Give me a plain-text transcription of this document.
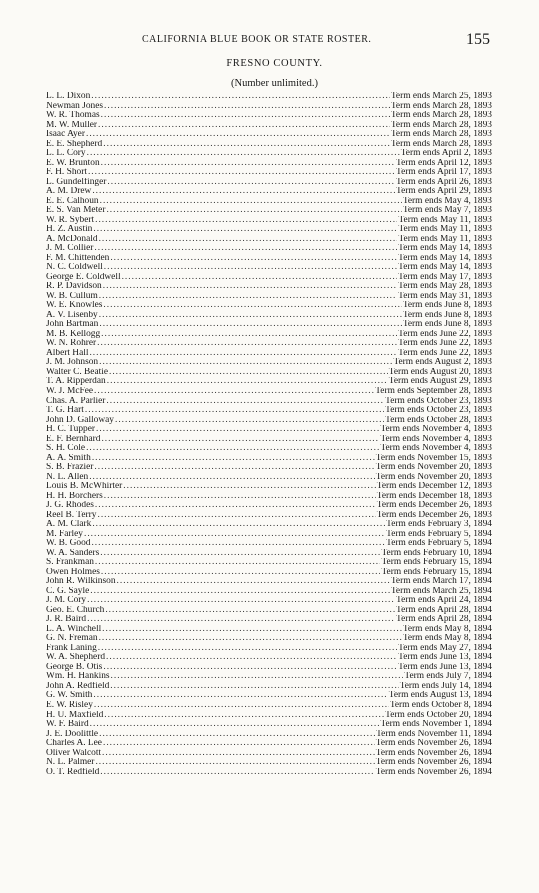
CALIFORNIA BLUE BOOK OR STATE ROSTER.	155
FRESNO COUNTY.
(Number unlimited.)
L. L. Dixon .....	Term ends March 25, 1893
Newman Jones .....	Term ends March 28, 1893
W. R. Thomas .....	Term ends March 28, 1893
M. W. Muller .....	Term ends March 28, 1893
Isaac Ayer .....	Term ends March 28, 1893
E. E. Shepherd .....	Term ends March 28, 1893
L. L. Cory .....	Term ends April 2, 1893
E. W. Brunton .....	Term ends April 12, 1893
F. H. Short .....	Term ends April 17, 1893
L. Gundelfinger .....	Term ends April 26, 1893
A. M. Drew .....	Term ends April 29, 1893
E. E. Calhoun .....	Term ends May 4, 1893
E. S. Van Meter .....	Term ends May 7, 1893
W. R. Sybert .....	Term ends May 11, 1893
H. Z. Austin .....	Term ends May 11, 1893
A. McDonald .....	Term ends May 11, 1893
J. M. Collier .....	Term ends May 14, 1893
F. M. Chittenden .....	Term ends May 14, 1893
N. C. Coldwell .....	Term ends May 14, 1893
George E. Coldwell .....	Term ends May 17, 1893
R. P. Davidson .....	Term ends May 28, 1893
W. B. Cullum .....	Term ends May 31, 1893
W. E. Knowles .....	Term ends June 8, 1893
A. V. Lisenby .....	Term ends June 8, 1893
John Bartman .....	Term ends June 8, 1893
M. B. Kellogg .....	Term ends June 22, 1893
W. N. Rohrer .....	Term ends June 22, 1893
Albert Hall .....	Term ends June 22, 1893
J. M. Johnson .....	Term ends August 2, 1893
Walter C. Beatie .....	Term ends August 20, 1893
T. A. Ripperdan .....	Term ends August 29, 1893
W. J. McFee .....	Term ends September 28, 1893
Chas. A. Parlier .....	Term ends October 23, 1893
T. G. Hart .....	Term ends October 23, 1893
John D. Galloway .....	Term ends October 28, 1893
H. C. Tupper .....	Term ends November 4, 1893
E. F. Bernhard .....	Term ends November 4, 1893
S. H. Cole .....	Term ends November 4, 1893
A. A. Smith .....	Term ends November 15, 1893
S. B. Frazier .....	Term ends November 20, 1893
N. L. Allen .....	Term ends November 20, 1893
Louis B. McWhirter .....	Term ends December 12, 1893
H. H. Borchers .....	Term ends December 18, 1893
J. G. Rhodes .....	Term ends December 26, 1893
Reel B. Terry .....	Term ends December 26, 1893
A. M. Clark .....	Term ends February 3, 1894
M. Farley .....	Term ends February 5, 1894
W. B. Good .....	Term ends February 5, 1894
W. A. Sanders .....	Term ends February 10, 1894
S. Frankman .....	Term ends February 15, 1894
Owen Holmes .....	Term ends February 15, 1894
John R. Wilkinson .....	Term ends March 17, 1894
C. G. Sayle .....	Term ends March 25, 1894
J. M. Cory .....	Term ends April 24, 1894
Geo. E. Church .....	Term ends April 28, 1894
J. R. Baird .....	Term ends April 28, 1894
L. A. Winchell .....	Term ends May 8, 1894
G. N. Freman .....	Term ends May 8, 1894
Frank Laning .....	Term ends May 27, 1894
W. A. Shepherd .....	Term ends June 13, 1894
George B. Otis .....	Term ends June 13, 1894
Wm. H. Hankins .....	Term ends July 7, 1894
John A. Redfield .....	Term ends July 14, 1894
G. W. Smith .....	Term ends August 13, 1894
E. W. Risley .....	Term ends October 8, 1894
H. U. Maxfield .....	Term ends October 20, 1894
W. F. Baird .....	Term ends November 1, 1894
J. E. Doolittle .....	Term ends November 11, 1894
Charles A. Lee .....	Term ends November 26, 1894
Oliver Walcott .....	Term ends November 26, 1894
N. L. Palmer .....	Term ends November 26, 1894
O. T. Redfield .....	Term ends November 26, 1894
